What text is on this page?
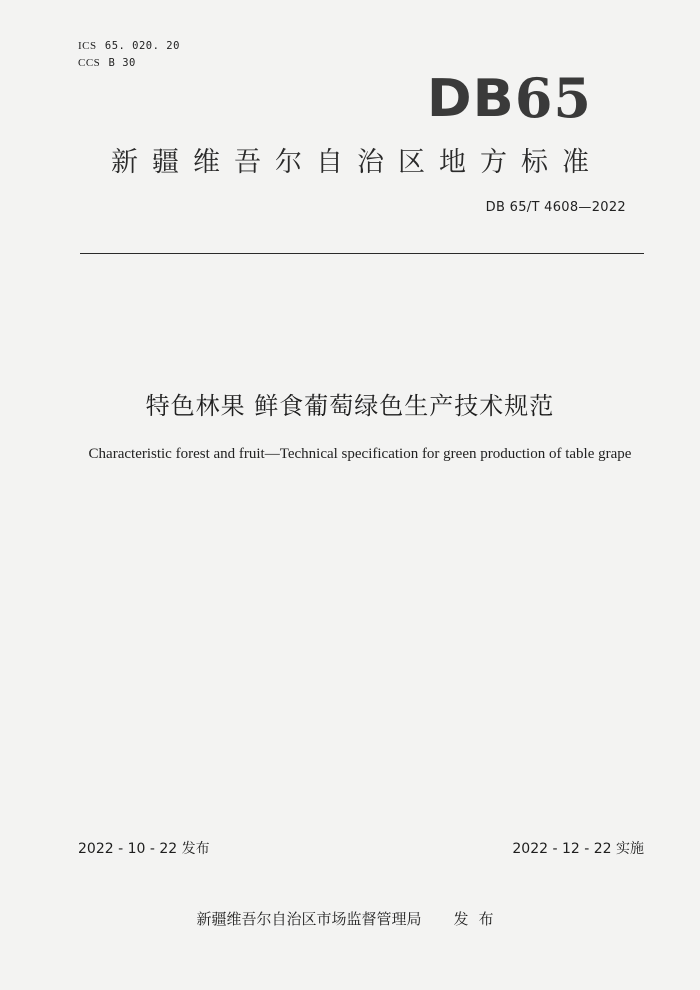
ICS 65. 020. 20
CCS B 30
DB65
新疆维吾尔自治区地方标准
DB 65/T 4608—2022
特色林果 鲜食葡萄绿色生产技术规范
Characteristic forest and fruit—Technical specification for green production of table grape
2022 - 10 - 22 发布	2022 - 12 - 22 实施
新疆维吾尔自治区市场监督管理局 发布
